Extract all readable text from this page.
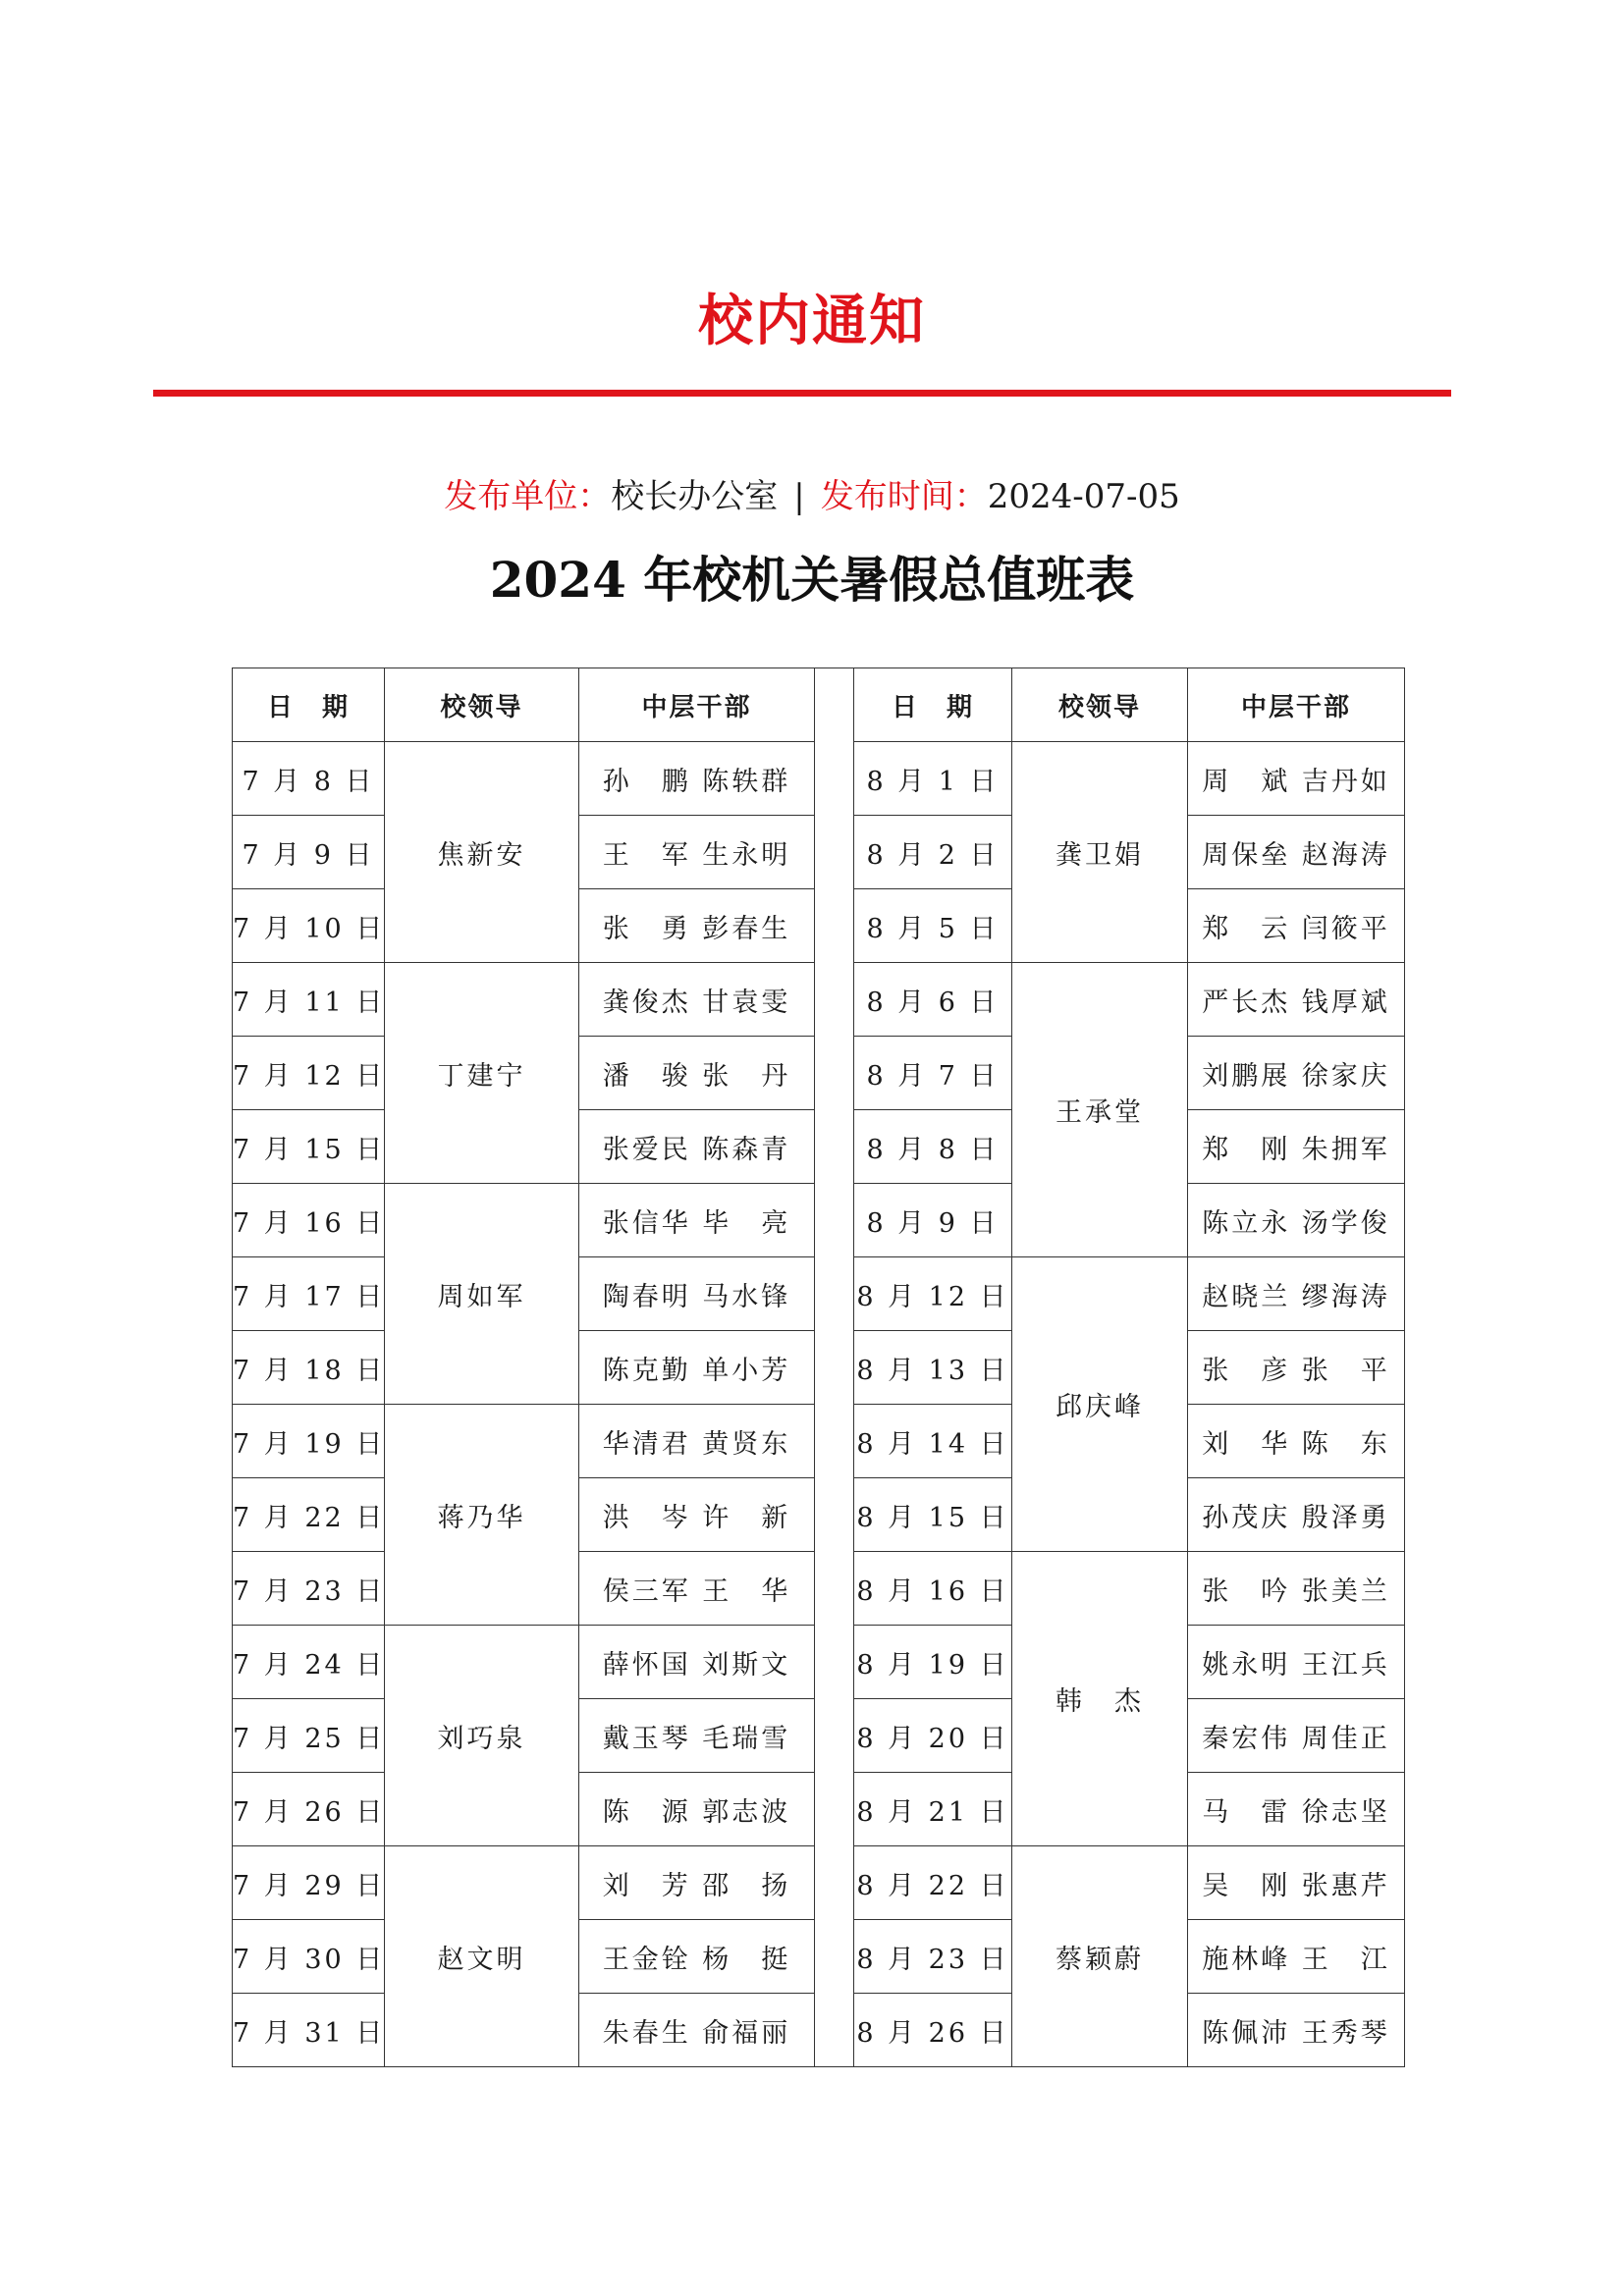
校内通知
发布单位：校长办公室 | 发布时间：2024-07-05
2024 年校机关暑假总值班表
日　期	校领导	中层干部		日　期	校领导	中层干部
7 月 8 日	焦新安	孙　鹏 陈轶群		8 月 1 日	龚卫娟	周　斌 吉丹如
7 月 9 日		王　军 生永明		8 月 2 日		周保垒 赵海涛
7 月 10 日		张　勇 彭春生		8 月 5 日		郑　云 闫筱平
7 月 11 日	丁建宁	龚俊杰 甘袁雯		8 月 6 日	王承堂	严长杰 钱厚斌
7 月 12 日		潘　骏 张　丹		8 月 7 日		刘鹏展 徐家庆
7 月 15 日		张爱民 陈森青		8 月 8 日		郑　刚 朱拥军
7 月 16 日	周如军	张信华 毕　亮		8 月 9 日		陈立永 汤学俊
7 月 17 日		陶春明 马水锋		8 月 12 日	邱庆峰	赵晓兰 缪海涛
7 月 18 日		陈克勤 单小芳		8 月 13 日		张　彦 张　平
7 月 19 日	蒋乃华	华清君 黄贤东		8 月 14 日		刘　华 陈　东
7 月 22 日		洪　岑 许　新		8 月 15 日		孙茂庆 殷泽勇
7 月 23 日		侯三军 王　华		8 月 16 日	韩　杰	张　吟 张美兰
7 月 24 日	刘巧泉	薛怀国 刘斯文		8 月 19 日		姚永明 王江兵
7 月 25 日		戴玉琴 毛瑞雪		8 月 20 日		秦宏伟 周佳正
7 月 26 日		陈　源 郭志波		8 月 21 日		马　雷 徐志坚
7 月 29 日	赵文明	刘　芳 邵　扬		8 月 22 日	蔡颖蔚	吴　刚 张惠芹
7 月 30 日		王金铨 杨　挺		8 月 23 日		施林峰 王　江
7 月 31 日		朱春生 俞福丽		8 月 26 日		陈佩沛 王秀琴
